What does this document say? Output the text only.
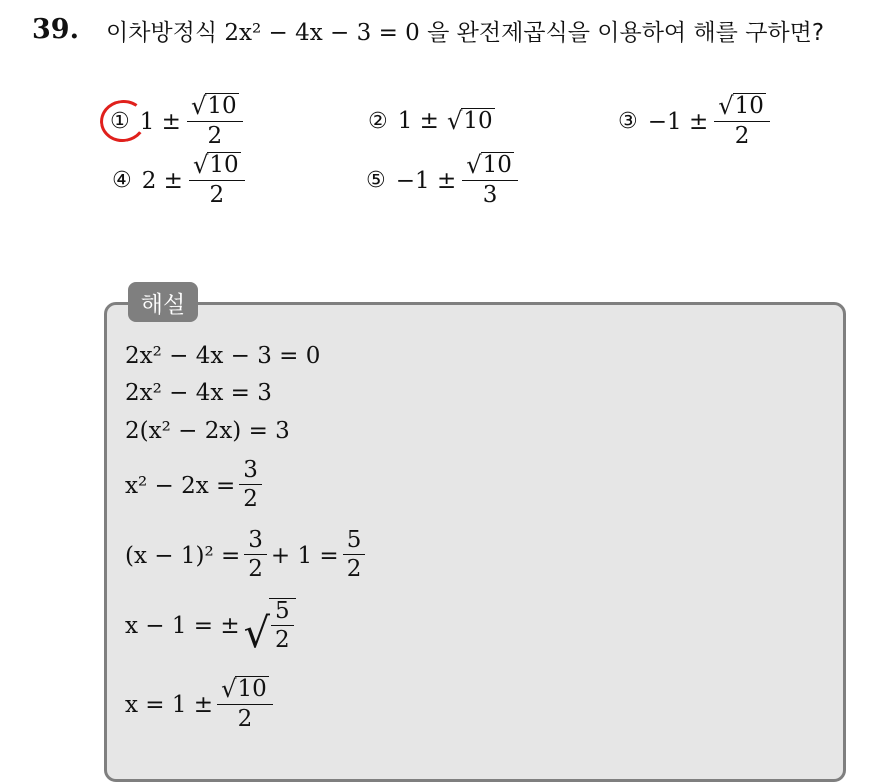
39. 이차방정식 2x² − 4x − 3 = 0 을 완전제곱식을 이용하여 해를 구하면?
① $1 \pm \frac{√ 10}{2}$	② 1 ± √ 10	③ $-1 \pm \frac{√ 10}{2}$
④ $2 \pm \frac{√ 10}{2}$	⑤ $-1 \pm \frac{√ 10}{3}$
해설
2x² − 4x − 3 = 0
2x² − 4x = 3
2(x² − 2x) = 3
$x^2 - 2x = \frac{3}{2}$
$(x - 1)^2 = \frac{3}{2} + 1 = \frac{5}{2}$
x − 1 = ± √ $\frac{5}{2}$
$x = 1 \pm \frac{√ 10}{2}$
